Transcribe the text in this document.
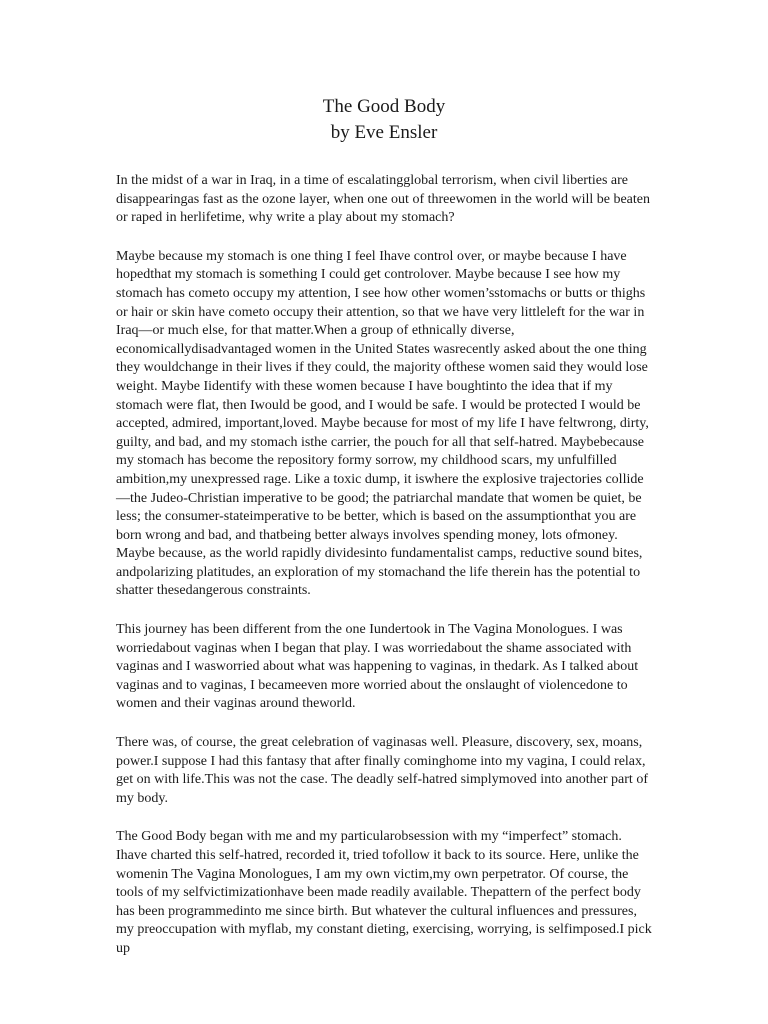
The Good Body

by Eve Ensler

In the midst of a war in Iraq, in a time of escalatingglobal terrorism, when civil liberties are disappearingas fast as the ozone layer, when one out of threewomen in the world will be beaten or raped in herlifetime, why write a play about my stomach?

Maybe because my stomach is one thing I feel Ihave control over, or maybe because I have hopedthat my stomach is something I could get controlover. Maybe because I see how my stomach has cometo occupy my attention, I see how other women’sstomachs or butts or thighs or hair or skin have cometo occupy their attention, so that we have very littleleft for the war in Iraq—or much else, for that matter.When a group of ethnically diverse, economicallydisadvantaged women in the United States wasrecently asked about the one thing they wouldchange in their lives if they could, the majority ofthese women said they would lose weight. Maybe Iidentify with these women because I have boughtinto the idea that if my stomach were flat, then Iwould be good, and I would be safe. I would be protected I would be accepted, admired, important,loved. Maybe because for most of my life I have feltwrong, dirty, guilty, and bad, and my stomach isthe carrier, the pouch for all that self-hatred. Maybebecause my stomach has become the repository formy sorrow, my childhood scars, my unfulfilled ambition,my unexpressed rage. Like a toxic dump, it iswhere the explosive trajectories collide—the Judeo-Christian imperative to be good; the patriarchal mandate that women be quiet, be less; the consumer-stateimperative to be better, which is based on the assumptionthat you are born wrong and bad, and thatbeing better always involves spending money, lots ofmoney. Maybe because, as the world rapidly dividesinto fundamentalist camps, reductive sound bites, andpolarizing platitudes, an exploration of my stomachand the life therein has the potential to shatter thesedangerous constraints.

This journey has been different from the one Iundertook in The Vagina Monologues. I was worriedabout vaginas when I began that play. I was worriedabout the shame associated with vaginas and I wasworried about what was happening to vaginas, in thedark. As I talked about vaginas and to vaginas, I becameeven more worried about the onslaught of violencedone to women and their vaginas around theworld.

There was, of course, the great celebration of vaginasas well. Pleasure, discovery, sex, moans, power.I suppose I had this fantasy that after finally cominghome into my vagina, I could relax, get on with life.This was not the case. The deadly self-hatred simplymoved into another part of my body.

The Good Body began with me and my particularobsession with my “imperfect” stomach. Ihave charted this self-hatred, recorded it, tried tofollow it back to its source. Here, unlike the womenin The Vagina Monologues, I am my own victim,my own perpetrator. Of course, the tools of my selfvictimizationhave been made readily available. Thepattern of the perfect body has been programmedinto me since birth. But whatever the cultural influences and pressures, my preoccupation with myflab, my constant dieting, exercising, worrying, is selfimposed.I pick up
